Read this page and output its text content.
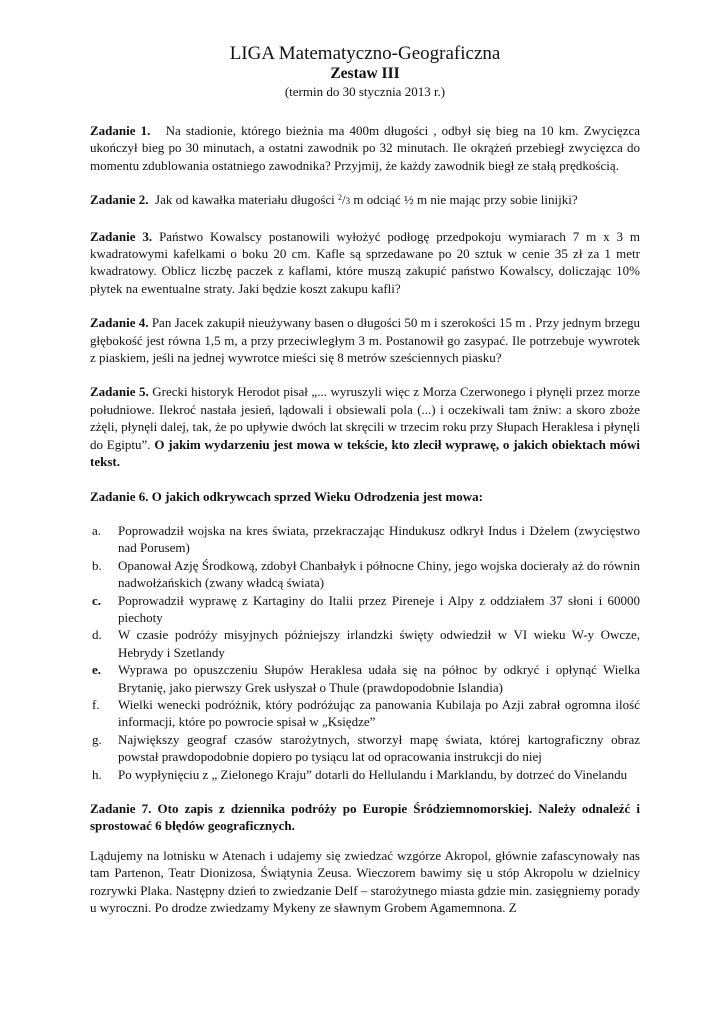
LIGA Matematyczno-Geograficzna
Zestaw III
(termin do 30 stycznia 2013 r.)

Zadanie 1. Na stadionie, którego bieżnia ma 400m długości , odbył się bieg na 10 km. Zwycięzca ukończył bieg po 30 minutach, a ostatni zawodnik po 32 minutach. Ile okrążeń przebiegł zwycięzca do momentu zdublowania ostatniego zawodnika? Przyjmij, że każdy zawodnik biegł ze stałą prędkością.

Zadanie 2. Jak od kawałka materiału długości $^2$/3 m odciąć ½ m nie mając przy sobie linijki?

Zadanie 3. Państwo Kowalscy postanowili wyłożyć podłogę przedpokoju wymiarach 7 m x 3 m kwadratowymi kafelkami o boku 20 cm. Kafle są sprzedawane po 20 sztuk w cenie 35 zł za 1 metr kwadratowy. Oblicz liczbę paczek z kaflami, które muszą zakupić państwo Kowalscy, doliczając 10% płytek na ewentualne straty. Jaki będzie koszt zakupu kafli?

Zadanie 4. Pan Jacek zakupił nieużywany basen o długości 50 m i szerokości 15 m . Przy jednym brzegu głębokość jest równa 1,5 m, a przy przeciwległym 3 m. Postanowił go zasypać. Ile potrzebuje wywrotek z piaskiem, jeśli na jednej wywrotce mieści się 8 metrów sześciennych piasku?

Zadanie 5. Grecki historyk Herodot pisał „... wyruszyli więc z Morza Czerwonego i płynęli przez morze południowe. Ilekroć nastała jesień, lądowali i obsiewali pola (...) i oczekiwali tam żniw: a skoro zboże zżęli, płynęli dalej, tak, że po upływie dwóch lat skręcili w trzecim roku przy Słupach Heraklesa i płynęli do Egiptu”. O jakim wydarzeniu jest mowa w tekście, kto zlecił wyprawę, o jakich obiektach mówi tekst.

Zadanie 6. O jakich odkrywcach sprzed Wieku Odrodzenia jest mowa:

a. Poprowadził wojska na kres świata, przekraczając Hindukusz odkrył Indus i Dżelem (zwycięstwo nad Porusem)
b. Opanował Azję Środkową, zdobył Chanbałyk i północne Chiny, jego wojska docierały aż do równin nadwołżańskich (zwany władcą świata)
c. Poprowadził wyprawę z Kartaginy do Italii przez Pireneje i Alpy z oddziałem 37 słoni i 60000 piechoty
d. W czasie podróży misyjnych późniejszy irlandzki święty odwiedził w VI wieku W-y Owcze, Hebrydy i Szetlandy
e. Wyprawa po opuszczeniu Słupów Heraklesa udała się na północ by odkryć i opłynąć Wielka Brytanię, jako pierwszy Grek usłyszał o Thule (prawdopodobnie Islandia)
f. Wielki wenecki podróżnik, który podróżując za panowania Kubilaja po Azji zabrał ogromna ilość informacji, które po powrocie spisał w „Księdze”
g. Największy geograf czasów starożytnych, stworzył mapę świata, której kartograficzny obraz powstał prawdopodobnie dopiero po tysiącu lat od opracowania instrukcji do niej
h. Po wypłynięciu z „ Zielonego Kraju” dotarli do Hellulandu i Marklandu, by dotrzeć do Vinelandu

Zadanie 7. Oto zapis z dziennika podróży po Europie Śródziemnomorskiej. Należy odnaleźć i sprostować 6 błędów geograficznych.

Lądujemy na lotnisku w Atenach i udajemy się zwiedzać wzgórze Akropol, głównie zafascynowały nas tam Partenon, Teatr Dionizosa, Świątynia Zeusa. Wieczorem bawimy się u stóp Akropolu w dzielnicy rozrywki Plaka. Następny dzień to zwiedzanie Delf – starożytnego miasta gdzie min. zasięgniemy porady u wyroczni. Po drodze zwiedzamy Mykeny ze sławnym Grobem Agamemnona. Z
